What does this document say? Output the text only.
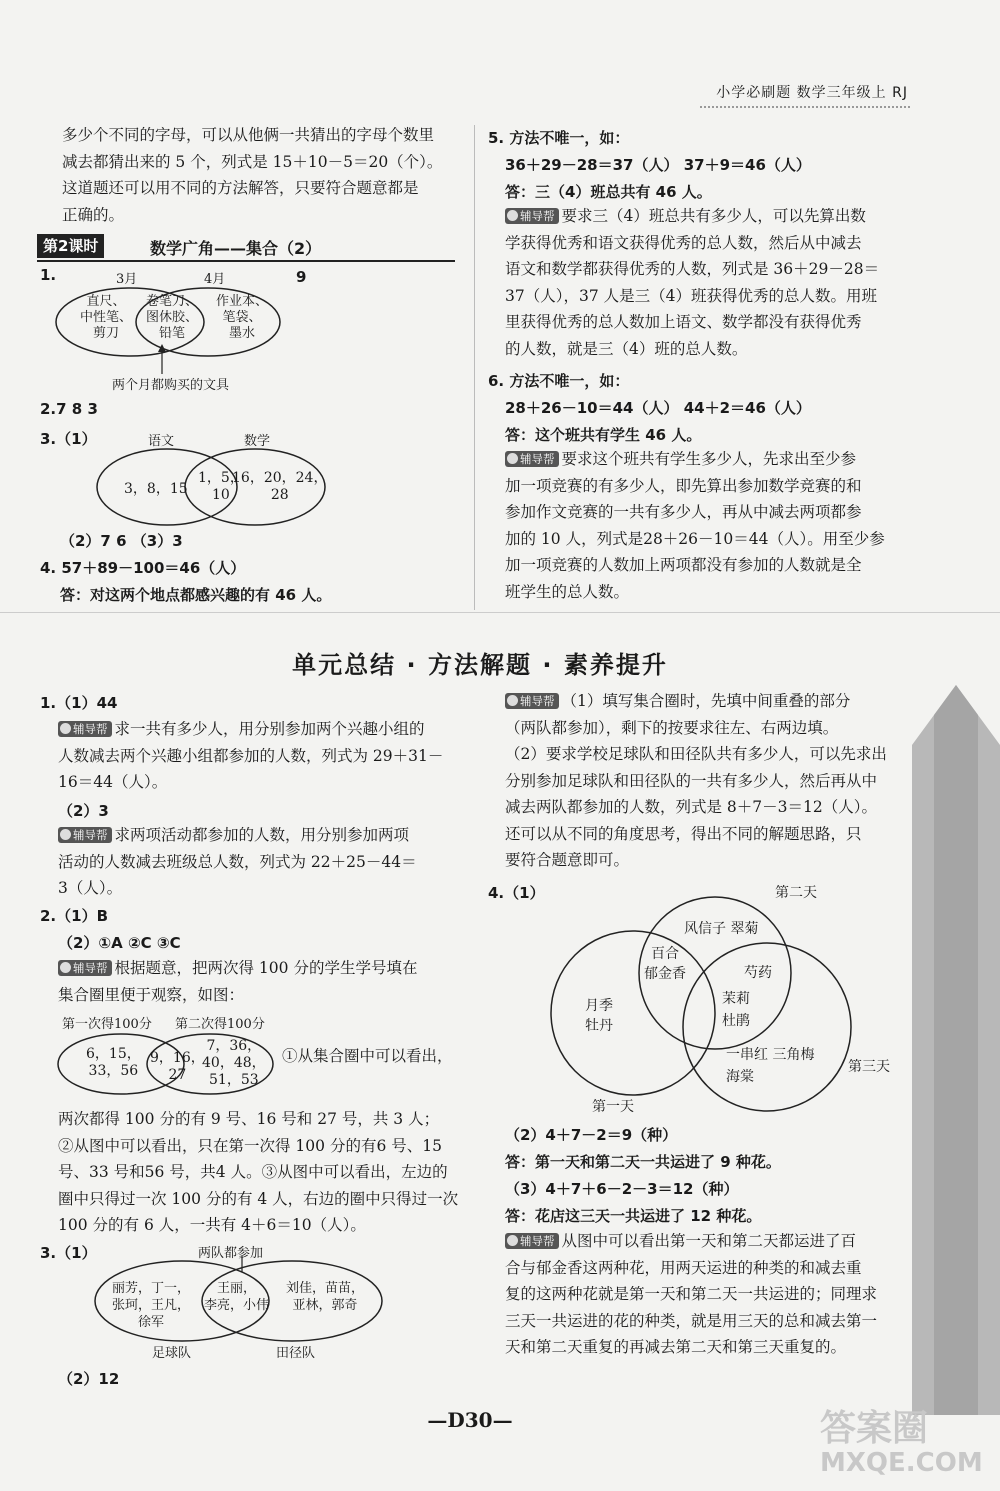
小学必刷题 数学三年级上 RJ

多少个不同的字母，可以从他俩一共猜出的字母个数里

减去都猜出来的 5 个，列式是 15＋10－5＝20（个）。

这道题还可以用不同的方法解答，只要符合题意都是

正确的。

第2课时	数学广角——集合（2）
1.	3月	4月	9
直尺、
中性笔、
剪刀
卷笔刀、
图休胶、
铅笔
作业本、
笔袋、
墨水
两个月都购买的文具
2.7 8 3
3.（1）	语文	数学
3，8，15
1，5，
10
16，20，24，
28
（2）7 6 （3）3
4. 57＋89－100＝46（人）
答：对这两个地点都感兴趣的有 46 人。
5. 方法不唯一，如：
36＋29－28＝37（人） 37＋9＝46（人）
答：三（4）班总共有 46 人。

辅导帮 要求三（4）班总共有多少人，可以先算出数

学获得优秀和语文获得优秀的总人数，然后从中减去

语文和数学都获得优秀的人数，列式是 36＋29－28＝

37（人），37 人是三（4）班获得优秀的总人数。用班

里获得优秀的总人数加上语文、数学都没有获得优秀

的人数，就是三（4）班的总人数。

6. 方法不唯一，如：
28＋26－10＝44（人） 44＋2＝46（人）
答：这个班共有学生 46 人。

辅导帮 要求这个班共有学生多少人，先求出至少参

加一项竞赛的有多少人，即先算出参加数学竞赛的和

参加作文竞赛的一共有多少人，再从中减去两项都参

加的 10 人，列式是28＋26－10＝44（人）。用至少参

加一项竞赛的人数加上两项都没有参加的人数就是全

班学生的总人数。

单元总结 · 方法解题 · 素养提升
1.（1）44

辅导帮 求一共有多少人，用分别参加两个兴趣小组的

人数减去两个兴趣小组都参加的人数，列式为 29＋31－

16＝44（人）。

（2）3

辅导帮 求两项活动都参加的人数，用分别参加两项

活动的人数减去班级总人数，列式为 22＋25－44＝

3（人）。

2.（1）B
（2）①A ②C ③C

辅导帮 根据题意，把两次得 100 分的学生学号填在

集合圈里便于观察，如图：

第一次得100分 第二次得100分
6，15，
33，56
9，16，
27
7，36，
40，48，
51，53
①从集合圈中可以看出，

两次都得 100 分的有 9 号、16 号和 27 号，共 3 人；

②从图中可以看出，只在第一次得 100 分的有6 号、15

号、33 号和56 号，共4 人。③从图中可以看出，左边的

圈中只得过一次 100 分的有 4 人，右边的圈中只得过一次

100 分的有 6 人，一共有 4＋6＝10（人）。

3.（1）	两队都参加
丽芳，丁一，
张珂，王凡，
徐军
王丽，
李亮，小伟
刘佳，苗苗，
亚林，郭奇
足球队	田径队
（2）12

辅导帮 （1）填写集合圈时，先填中间重叠的部分

（两队都参加），剩下的按要求往左、右两边填。

（2）要求学校足球队和田径队共有多少人，可以先求出

分别参加足球队和田径队的一共有多少人，然后再从中

减去两队都参加的人数，列式是 8＋7－3＝12（人）。

还可以从不同的角度思考，得出不同的解题思路，只

要符合题意即可。

4.（1）	第二天
第三天
第一天
月季
牡丹
风信子 翠菊
百合
郁金香	芍药
茉莉
杜鹃
一串红 三角梅
海棠
（2）4＋7－2＝9（种）
答：第一天和第二天一共运进了 9 种花。
（3）4＋7＋6－2－3＝12（种）
答：花店这三天一共运进了 12 种花。

辅导帮 从图中可以看出第一天和第二天都运进了百

合与郁金香这两种花，用两天运进的种类的和减去重

复的这两种花就是第一天和第二天一共运进的；同理求

三天一共运进的花的种类，就是用三天的总和减去第一

天和第二天重复的再减去第二天和第三天重复的。

—D30—	答案圈
MXQE.COM
